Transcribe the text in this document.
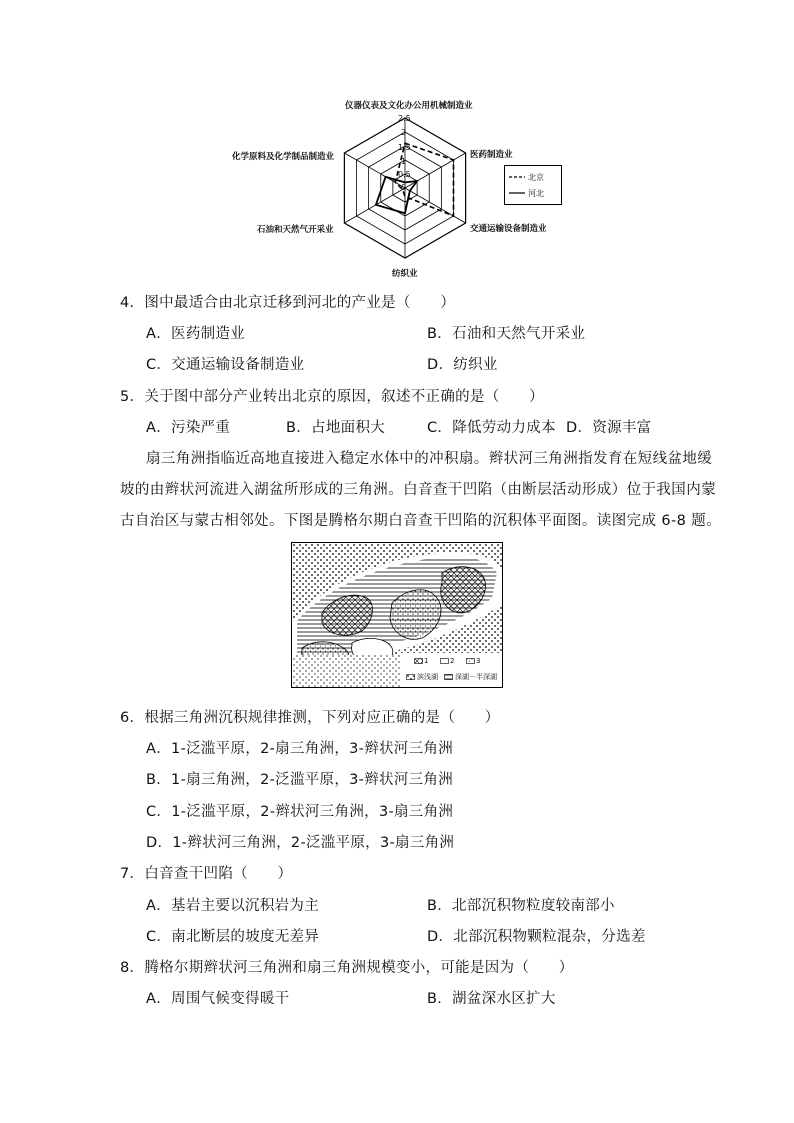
仪器仪表及文化办公用机械制造业
医药制造业
交通运输设备制造业
纺织业
石油和天然气开采业
化学原料及化学制品制造业
2.5
2
1.5
1
0.5
0
北京
河北
4．图中最适合由北京迁移到河北的产业是（　　）
A．医药制造业	B．石油和天然气开采业
C．交通运输设备制造业	D．纺织业
5．关于图中部分产业转出北京的原因，叙述不正确的是（　　）
A．污染严重	B．占地面积大	C．降低劳动力成本 D．资源丰富
扇三角洲指临近高地直接进入稳定水体中的冲积扇。辫状河三角洲指发育在短线盆地缓
坡的由辫状河流进入湖盆所形成的三角洲。白音查干凹陷（由断层活动形成）位于我国内蒙
古自治区与蒙古相邻处。下图是腾格尔期白音查干凹陷的沉积体平面图。读图完成 6-8 题。
1	2	3
滨浅湖 深湖－半深湖
6．根据三角洲沉积规律推测，下列对应正确的是（　　）
A．1-泛滥平原，2-扇三角洲，3-辫状河三角洲
B．1-扇三角洲，2-泛滥平原，3-辫状河三角洲
C．1-泛滥平原，2-辫状河三角洲，3-扇三角洲
D．1-辫状河三角洲，2-泛滥平原，3-扇三角洲
7．白音查干凹陷（　　）
A．基岩主要以沉积岩为主	B．北部沉积物粒度较南部小
C．南北断层的坡度无差异	D．北部沉积物颗粒混杂，分选差
8．腾格尔期辫状河三角洲和扇三角洲规模变小，可能是因为（　　）
A．周围气候变得暖干	B．湖盆深水区扩大
